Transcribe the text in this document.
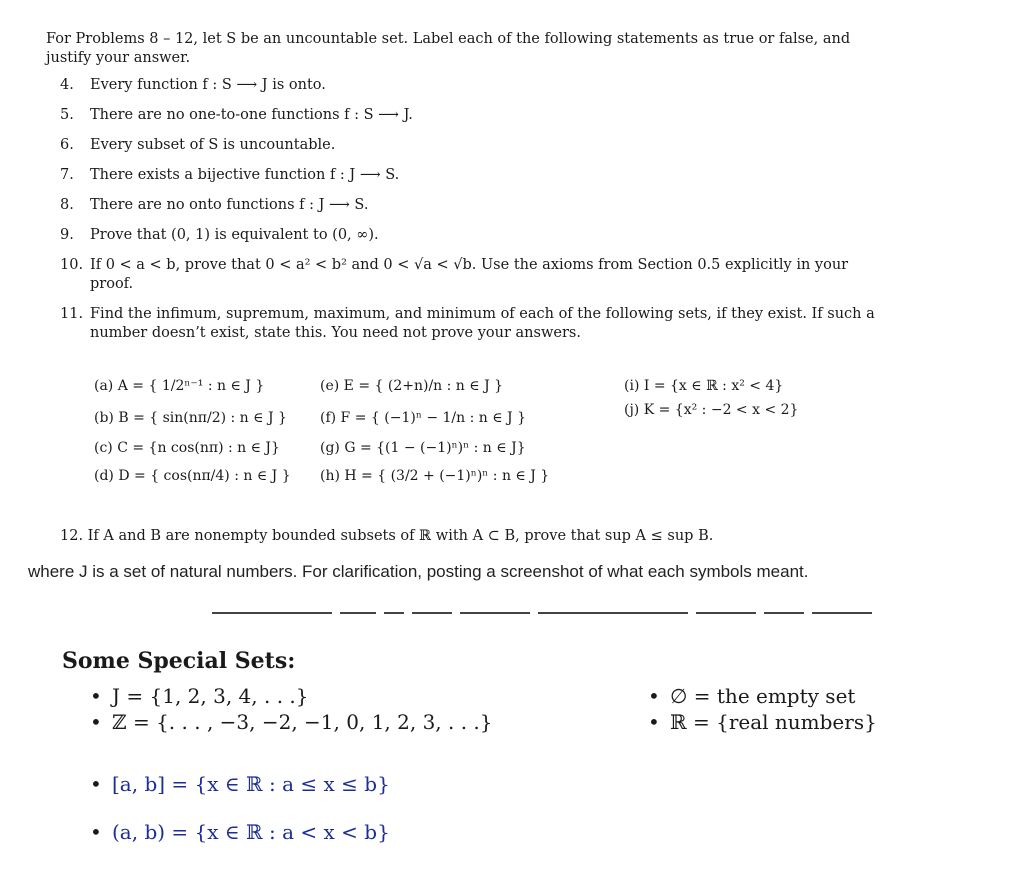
For Problems 8 – 12, let S be an uncountable set. Label each of the following statements as true or false, and justify your answer.
4. Every function f : S ⟶ J is onto.
5. There are no one-to-one functions f : S ⟶ J.
6. Every subset of S is uncountable.
7. There exists a bijective function f : J ⟶ S.
8. There are no onto functions f : J ⟶ S.
9. Prove that (0, 1) is equivalent to (0, ∞).
10. If 0 < a < b, prove that 0 < a² < b² and 0 < √a < √b. Use the axioms from Section 0.5 explicitly in your proof.
11. Find the infimum, supremum, maximum, and minimum of each of the following sets, if they exist. If such a number doesn’t exist, state this. You need not prove your answers.
(a) A = { 1/2ⁿ⁻¹ : n ∈ J }
(b) B = { sin(nπ/2) : n ∈ J }
(c) C = {n cos(nπ) : n ∈ J}
(d) D = { cos(nπ/4) : n ∈ J }
(e) E = { (2+n)/n : n ∈ J }
(f) F = { (−1)ⁿ − 1/n : n ∈ J }
(g) G = {(1 − (−1)ⁿ)ⁿ : n ∈ J}
(h) H = { (3/2 + (−1)ⁿ)ⁿ : n ∈ J }
(i) I = {x ∈ ℝ : x² < 4}
(j) K = {x² : −2 < x < 2}
12. If A and B are nonempty bounded subsets of ℝ with A ⊂ B, prove that sup A ≤ sup B.
where J is a set of natural numbers. For clarification, posting a screenshot of what each symbols meant.
Some Special Sets:
• J = {1, 2, 3, 4, . . .}
• ℤ = {. . . , −3, −2, −1, 0, 1, 2, 3, . . .}
• ∅ = the empty set
• ℝ = {real numbers}
• [a, b] = {x ∈ ℝ : a ≤ x ≤ b}
• (a, b) = {x ∈ ℝ : a < x < b}
